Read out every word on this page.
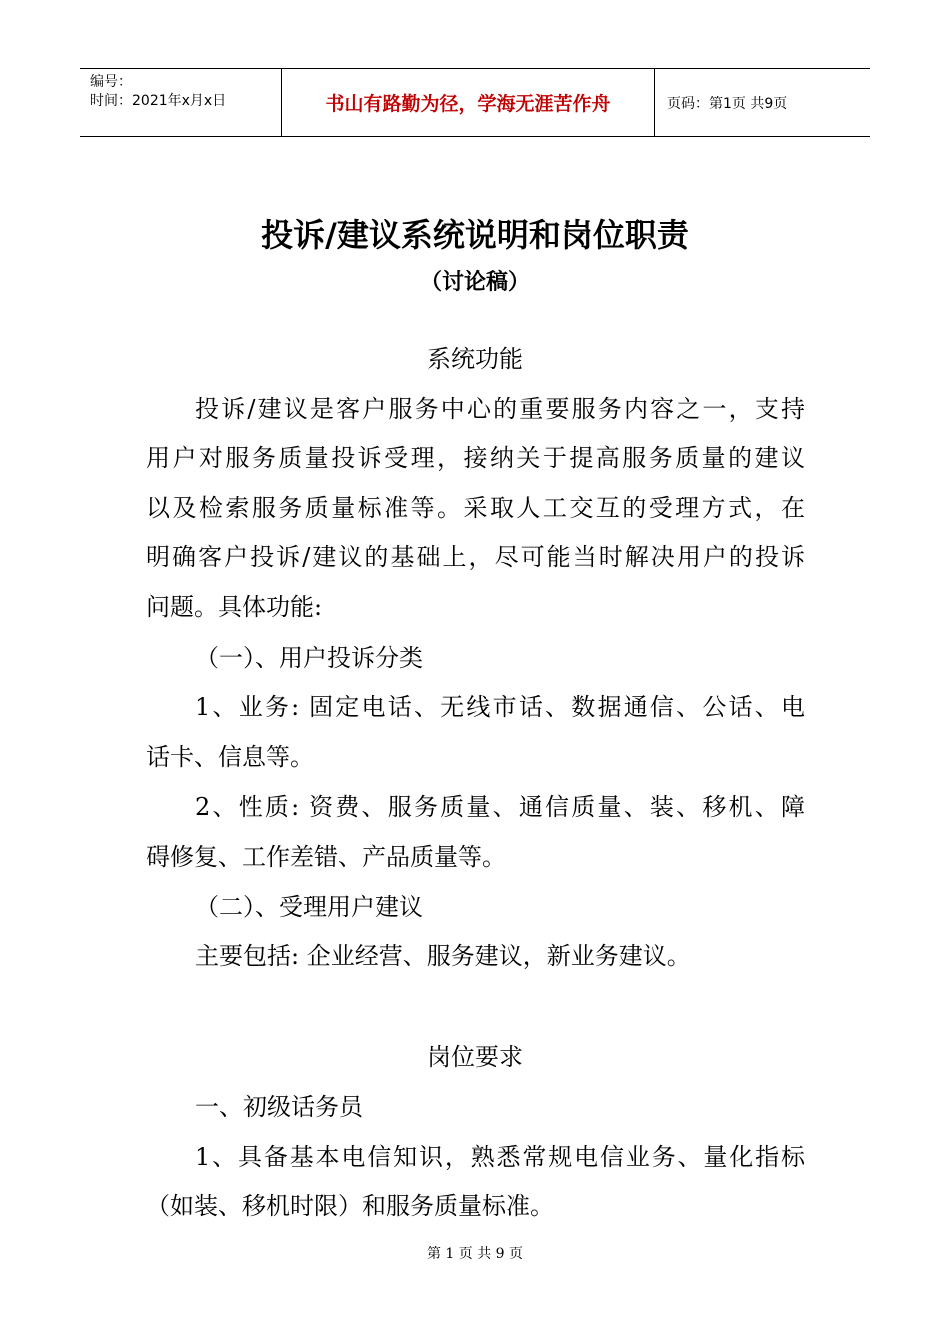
编号：
时间：2021年x月x日	书山有路勤为径，学海无涯苦作舟	页码：第1页 共9页
投诉/建议系统说明和岗位职责
（讨论稿）
系统功能
投诉/建议是客户服务中心的重要服务内容之一，支持
用户对服务质量投诉受理，接纳关于提高服务质量的建议
以及检索服务质量标准等。采取人工交互的受理方式，在
明确客户投诉/建议的基础上，尽可能当时解决用户的投诉
问题。具体功能:
（一）、用户投诉分类
1、业务: 固定电话、无线市话、数据通信、公话、电
话卡、信息等。
2、性质: 资费、服务质量、通信质量、装、移机、障
碍修复、工作差错、产品质量等。
（二）、受理用户建议
主要包括: 企业经营、服务建议，新业务建议。
岗位要求
一、初级话务员
1、具备基本电信知识，熟悉常规电信业务、量化指标
（如装、移机时限）和服务质量标准。
第 1 页 共 9 页
